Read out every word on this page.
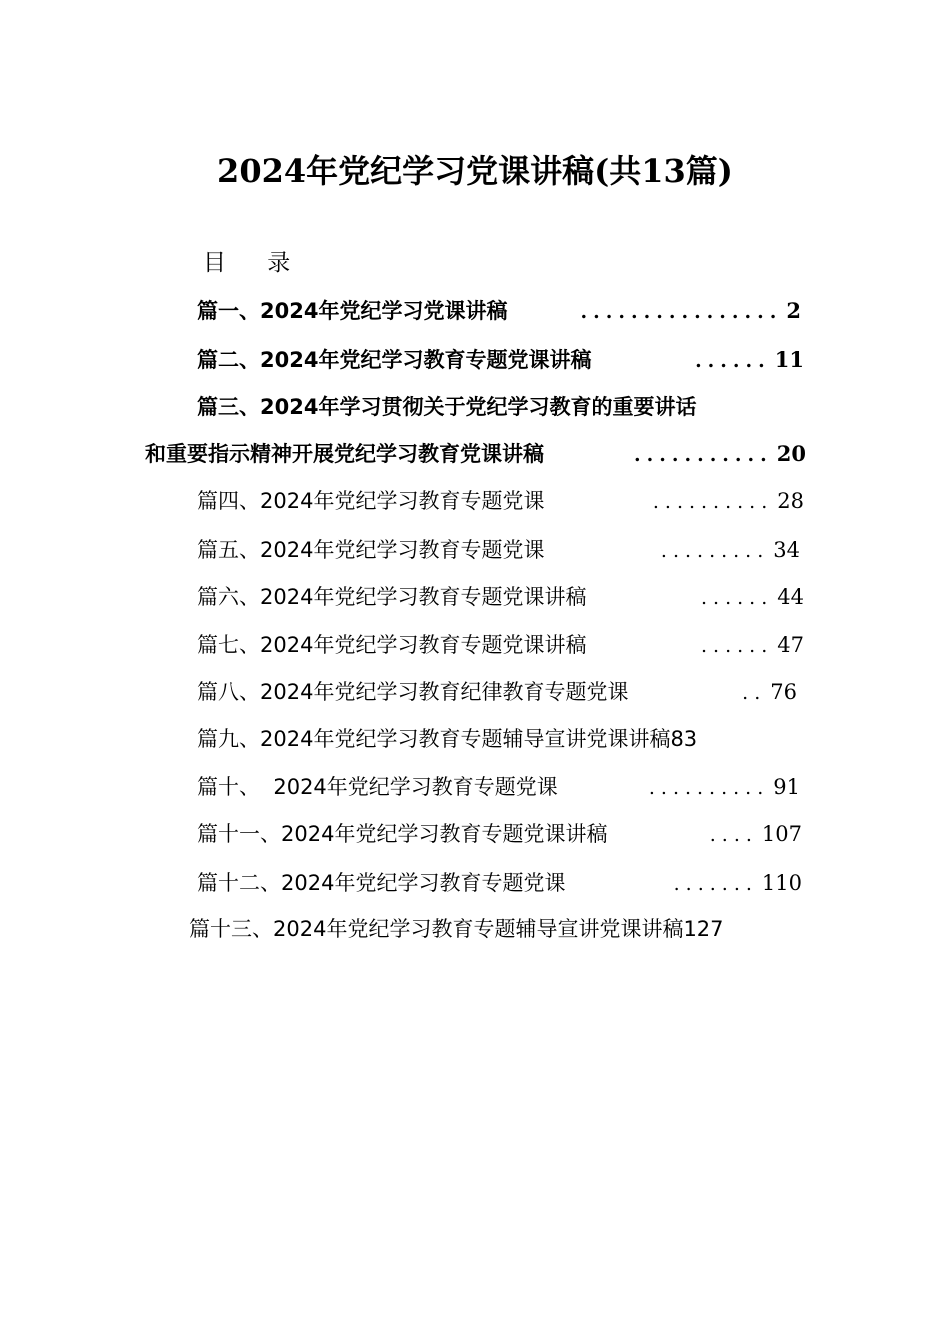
2024年党纪学习党课讲稿(共13篇)
目 录
篇一、2024年党纪学习党课讲稿	................ 2
篇二、2024年党纪学习教育专题党课讲稿	...... 11
篇三、2024年学习贯彻关于党纪学习教育的重要讲话
和重要指示精神开展党纪学习教育党课讲稿	........... 20
篇四、2024年党纪学习教育专题党课	.......... 28
篇五、2024年党纪学习教育专题党课	......... 34
篇六、2024年党纪学习教育专题党课讲稿	...... 44
篇七、2024年党纪学习教育专题党课讲稿	...... 47
篇八、2024年党纪学习教育纪律教育专题党课	.. 76
篇九、2024年党纪学习教育专题辅导宣讲党课讲稿83
篇十、  2024年党纪学习教育专题党课	.......... 91
篇十一、2024年党纪学习教育专题党课讲稿	.... 107
篇十二、2024年党纪学习教育专题党课	....... 110
篇十三、2024年党纪学习教育专题辅导宣讲党课讲稿127
